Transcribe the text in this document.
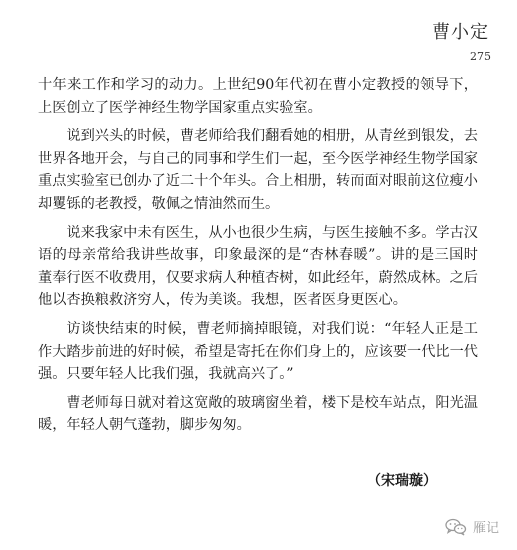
曹小定
275

十年来工作和学习的动力。上世纪90年代初在曹小定教授的领导下，上医创立了医学神经生物学国家重点实验室。

说到兴头的时候，曹老师给我们翻看她的相册，从青丝到银发，去世界各地开会，与自己的同事和学生们一起，至今医学神经生物学国家重点实验室已创办了近二十个年头。合上相册，转而面对眼前这位瘦小却矍铄的老教授，敬佩之情油然而生。

说来我家中未有医生，从小也很少生病，与医生接触不多。学古汉语的母亲常给我讲些故事，印象最深的是“杏林春暖”。讲的是三国时董奉行医不收费用，仅要求病人种植杏树，如此经年，蔚然成林。之后他以杏换粮救济穷人，传为美谈。我想，医者医身更医心。

访谈快结束的时候，曹老师摘掉眼镜，对我们说：“年轻人正是工作大踏步前进的好时候，希望是寄托在你们身上的，应该要一代比一代强。只要年轻人比我们强，我就高兴了。”

曹老师每日就对着这宽敞的玻璃窗坐着，楼下是校车站点，阳光温暖，年轻人朝气蓬勃，脚步匆匆。

（宋瑞璇）
雁记
